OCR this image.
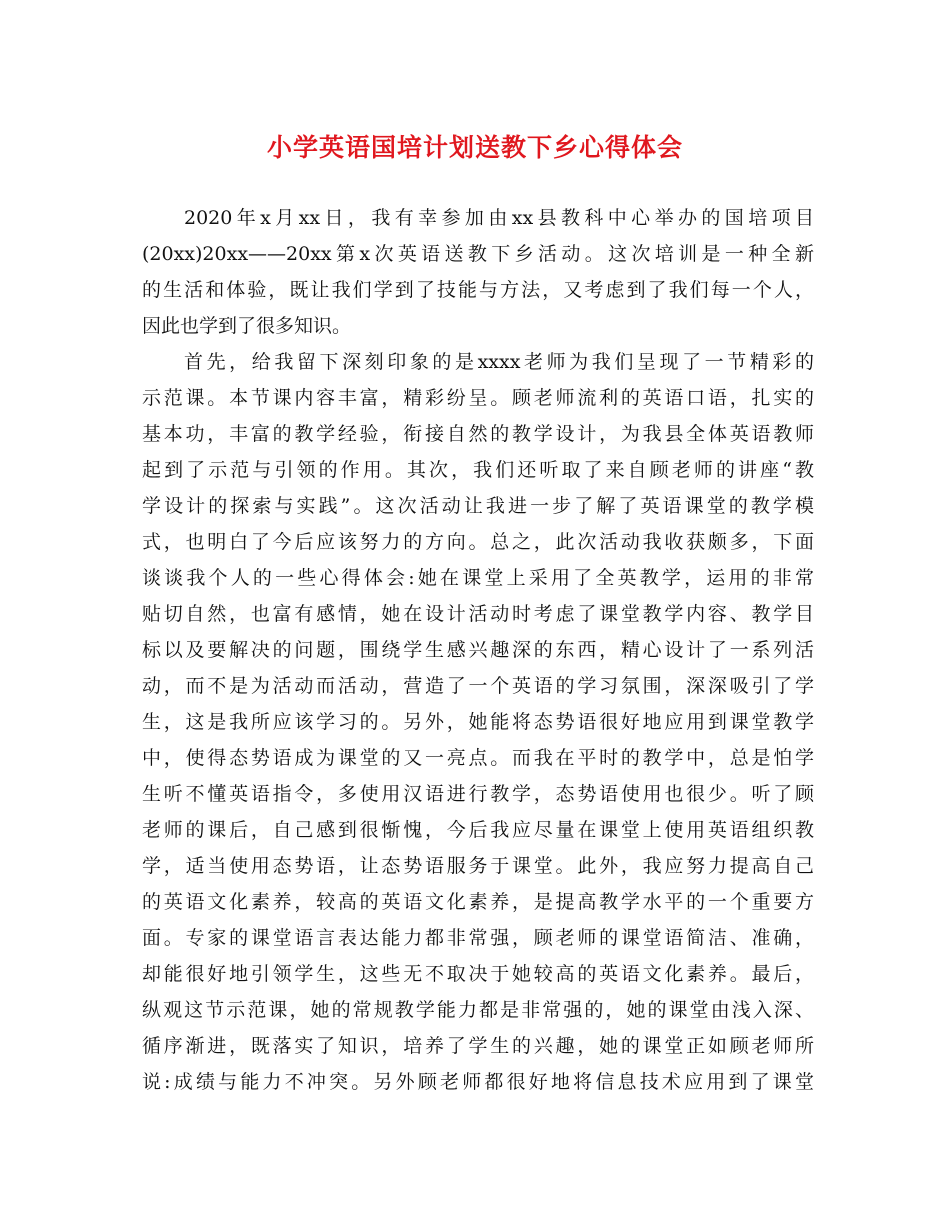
小学英语国培计划送教下乡心得体会
2020年x月xx日，我有幸参加由xx县教科中心举办的国培项目
(20xx)20xx——20xx第x次英语送教下乡活动。这次培训是一种全新
的生活和体验，既让我们学到了技能与方法，又考虑到了我们每一个人，
因此也学到了很多知识。
首先，给我留下深刻印象的是xxxx老师为我们呈现了一节精彩的
示范课。本节课内容丰富，精彩纷呈。顾老师流利的英语口语，扎实的
基本功，丰富的教学经验，衔接自然的教学设计，为我县全体英语教师
起到了示范与引领的作用。其次，我们还听取了来自顾老师的讲座“教
学设计的探索与实践”。这次活动让我进一步了解了英语课堂的教学模
式，也明白了今后应该努力的方向。总之，此次活动我收获颇多，下面
谈谈我个人的一些心得体会:她在课堂上采用了全英教学，运用的非常
贴切自然，也富有感情，她在设计活动时考虑了课堂教学内容、教学目
标以及要解决的问题，围绕学生感兴趣深的东西，精心设计了一系列活
动，而不是为活动而活动，营造了一个英语的学习氛围，深深吸引了学
生，这是我所应该学习的。另外，她能将态势语很好地应用到课堂教学
中，使得态势语成为课堂的又一亮点。而我在平时的教学中，总是怕学
生听不懂英语指令，多使用汉语进行教学，态势语使用也很少。听了顾
老师的课后，自己感到很惭愧，今后我应尽量在课堂上使用英语组织教
学，适当使用态势语，让态势语服务于课堂。此外，我应努力提高自己
的英语文化素养，较高的英语文化素养，是提高教学水平的一个重要方
面。专家的课堂语言表达能力都非常强，顾老师的课堂语简洁、准确，
却能很好地引领学生，这些无不取决于她较高的英语文化素养。最后，
纵观这节示范课，她的常规教学能力都是非常强的，她的课堂由浅入深、
循序渐进，既落实了知识，培养了学生的兴趣，她的课堂正如顾老师所
说:成绩与能力不冲突。另外顾老师都很好地将信息技术应用到了课堂
